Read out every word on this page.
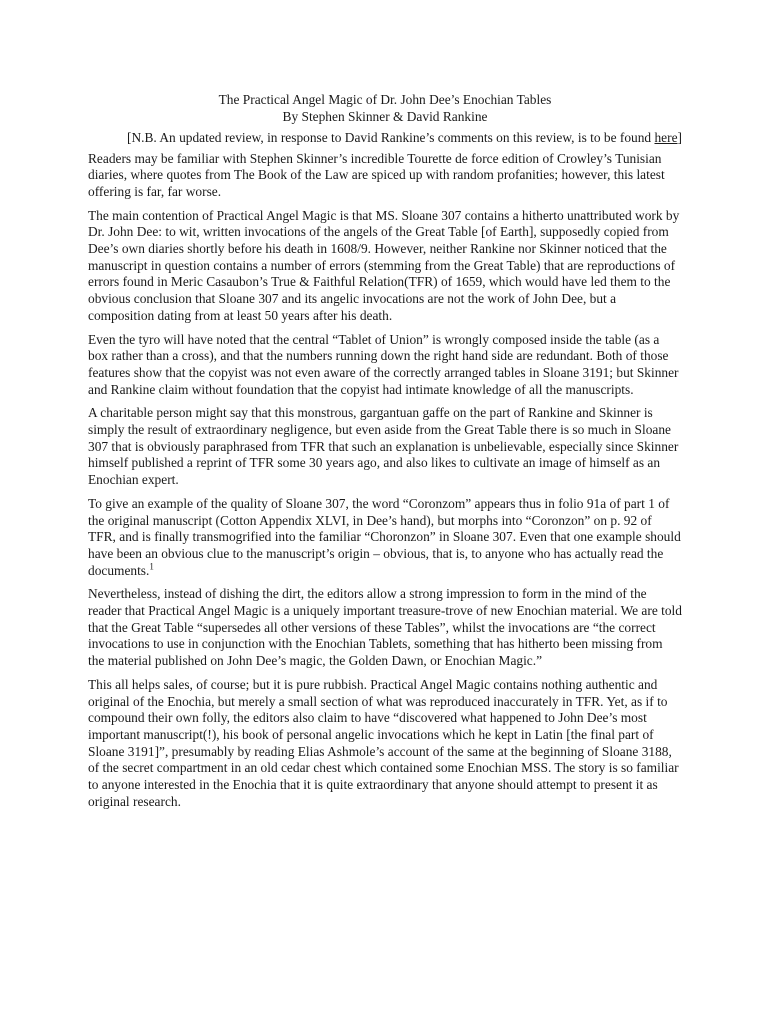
The Practical Angel Magic of Dr. John Dee’s Enochian Tables
By Stephen Skinner & David Rankine

[N.B. An updated review, in response to David Rankine’s comments on this review, is to be found here]

Readers may be familiar with Stephen Skinner’s incredible Tourette de force edition of Crowley’s Tunisian diaries, where quotes from The Book of the Law are spiced up with random profanities; however, this latest offering is far, far worse.

The main contention of Practical Angel Magic is that MS. Sloane 307 contains a hitherto unattributed work by Dr. John Dee: to wit, written invocations of the angels of the Great Table [of Earth], supposedly copied from Dee’s own diaries shortly before his death in 1608/9. However, neither Rankine nor Skinner noticed that the manuscript in question contains a number of errors (stemming from the Great Table) that are reproductions of errors found in Meric Casaubon’s True & Faithful Relation(TFR) of 1659, which would have led them to the obvious conclusion that Sloane 307 and its angelic invocations are not the work of John Dee, but a composition dating from at least 50 years after his death.

Even the tyro will have noted that the central “Tablet of Union” is wrongly composed inside the table (as a box rather than a cross), and that the numbers running down the right hand side are redundant. Both of those features show that the copyist was not even aware of the correctly arranged tables in Sloane 3191; but Skinner and Rankine claim without foundation that the copyist had intimate knowledge of all the manuscripts.

A charitable person might say that this monstrous, gargantuan gaffe on the part of Rankine and Skinner is simply the result of extraordinary negligence, but even aside from the Great Table there is so much in Sloane 307 that is obviously paraphrased from TFR that such an explanation is unbelievable, especially since Skinner himself published a reprint of TFR some 30 years ago, and also likes to cultivate an image of himself as an Enochian expert.

To give an example of the quality of Sloane 307, the word “Coronzom” appears thus in folio 91a of part 1 of the original manuscript (Cotton Appendix XLVI, in Dee’s hand), but morphs into “Coronzon” on p. 92 of TFR, and is finally transmogrified into the familiar “Choronzon” in Sloane 307. Even that one example should have been an obvious clue to the manuscript’s origin – obvious, that is, to anyone who has actually read the documents.$^1$

Nevertheless, instead of dishing the dirt, the editors allow a strong impression to form in the mind of the reader that Practical Angel Magic is a uniquely important treasure-trove of new Enochian material. We are told that the Great Table “supersedes all other versions of these Tables”, whilst the invocations are “the correct invocations to use in conjunction with the Enochian Tablets, something that has hitherto been missing from the material published on John Dee’s magic, the Golden Dawn, or Enochian Magic.”

This all helps sales, of course; but it is pure rubbish. Practical Angel Magic contains nothing authentic and original of the Enochia, but merely a small section of what was reproduced inaccurately in TFR. Yet, as if to compound their own folly, the editors also claim to have “discovered what happened to John Dee’s most important manuscript(!), his book of personal angelic invocations which he kept in Latin [the final part of Sloane 3191]”, presumably by reading Elias Ashmole’s account of the same at the beginning of Sloane 3188, of the secret compartment in an old cedar chest which contained some Enochian MSS. The story is so familiar to anyone interested in the Enochia that it is quite extraordinary that anyone should attempt to present it as original research.
